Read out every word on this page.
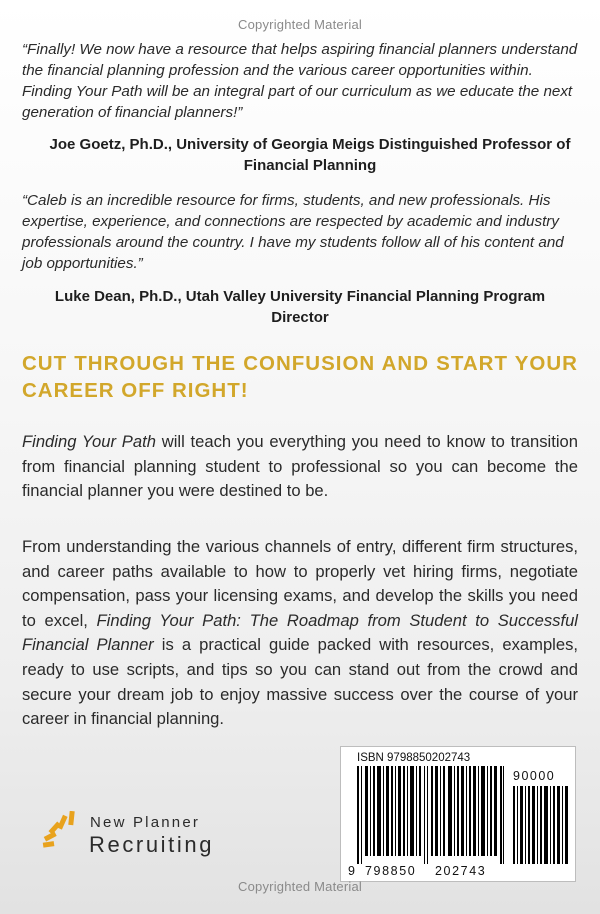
Copyrighted Material
“Finally! We now have a resource that helps aspiring financial planners understand the financial planning profession and the various career opportunities within. Finding Your Path will be an integral part of our curriculum as we educate the next generation of financial planners!”
Joe Goetz, Ph.D., University of Georgia Meigs Distinguished Professor of Financial Planning
“Caleb is an incredible resource for firms, students, and new professionals. His expertise, experience, and connections are respected by academic and industry professionals around the country. I have my students follow all of his content and job opportunities.”
Luke Dean, Ph.D., Utah Valley University Financial Planning Program Director
CUT THROUGH THE CONFUSION AND START YOUR CAREER OFF RIGHT!
Finding Your Path will teach you everything you need to know to transition from financial planning student to professional so you can become the financial planner you were destined to be.
From understanding the various channels of entry, different firm structures, and career paths available to how to properly vet hiring firms, negotiate compensation, pass your licensing exams, and develop the skills you need to excel, Finding Your Path: The Roadmap from Student to Successful Financial Planner is a practical guide packed with resources, examples, ready to use scripts, and tips so you can stand out from the crowd and secure your dream job to enjoy massive success over the course of your career in financial planning.
New Planner
Recruiting
ISBN 9798850202743
90000
9 798850 202743
Copyrighted Material
